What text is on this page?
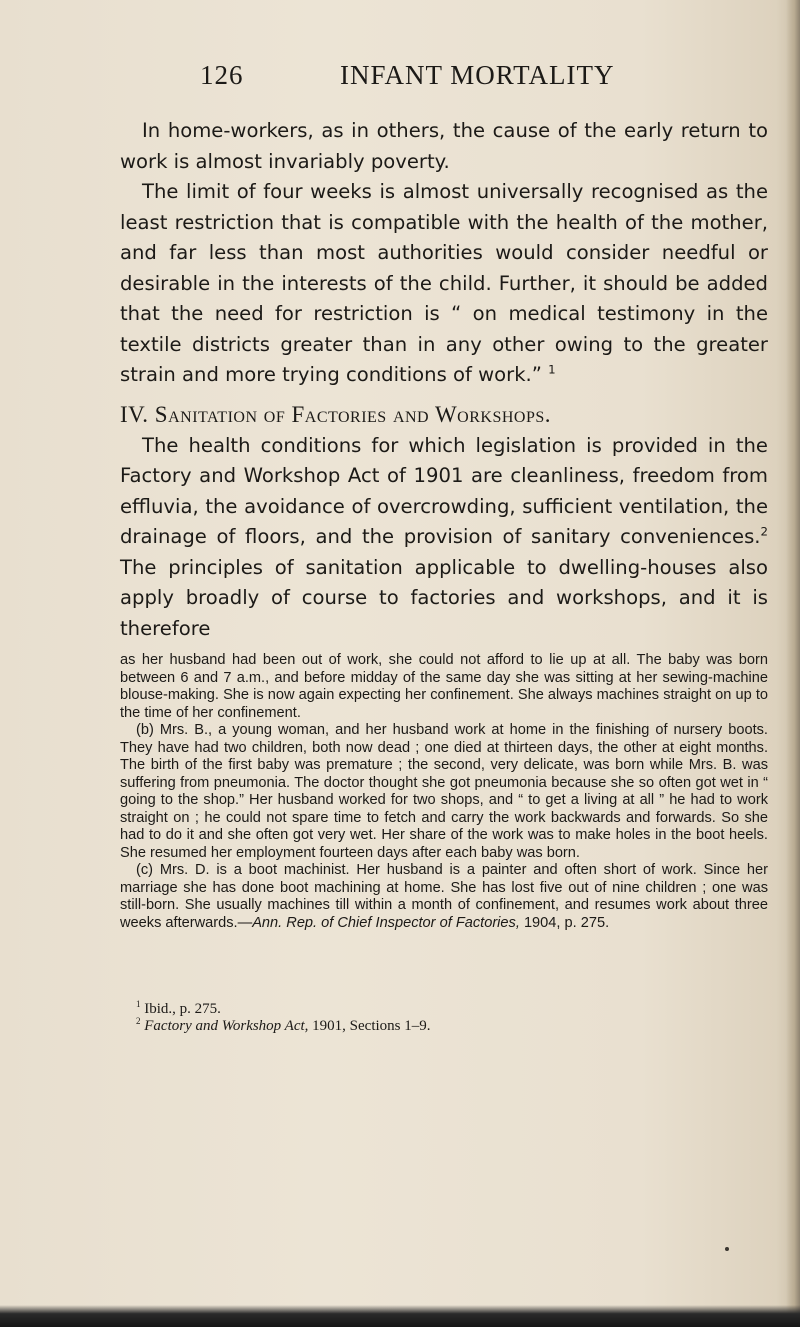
126	INFANT MORTALITY

In home-workers, as in others, the cause of the early return to work is almost invariably poverty.

The limit of four weeks is almost universally recognised as the least restriction that is compatible with the health of the mother, and far less than most authorities would consider needful or desirable in the interests of the child. Further, it should be added that the need for restriction is “ on medical testimony in the textile districts greater than in any other owing to the greater strain and more trying conditions of work.” $^1$

IV. Sanitation of Factories and Workshops.

The health conditions for which legislation is provided in the Factory and Workshop Act of 1901 are cleanliness, freedom from effluvia, the avoidance of overcrowding, sufficient ventilation, the drainage of floors, and the provision of sanitary conveniences.$^2$ The principles of sanitation applicable to dwelling-houses also apply broadly of course to factories and workshops, and it is therefore

as her husband had been out of work, she could not afford to lie up at all. The baby was born between 6 and 7 a.m., and before midday of the same day she was sitting at her sewing-machine blouse-making. She is now again expecting her confinement. She always machines straight on up to the time of her confinement.

(b) Mrs. B., a young woman, and her husband work at home in the finishing of nursery boots. They have had two children, both now dead ; one died at thirteen days, the other at eight months. The birth of the first baby was premature ; the second, very delicate, was born while Mrs. B. was suffering from pneumonia. The doctor thought she got pneumonia because she so often got wet in “ going to the shop.” Her husband worked for two shops, and “ to get a living at all ” he had to work straight on ; he could not spare time to fetch and carry the work backwards and forwards. So she had to do it and she often got very wet. Her share of the work was to make holes in the boot heels. She resumed her employment fourteen days after each baby was born.

(c) Mrs. D. is a boot machinist. Her husband is a painter and often short of work. Since her marriage she has done boot machining at home. She has lost five out of nine children ; one was still-born. She usually machines till within a month of confinement, and resumes work about three weeks afterwards.—Ann. Rep. of Chief Inspector of Factories, 1904, p. 275.

$^1$ Ibid., p. 275.
$^2$ Factory and Workshop Act, 1901, Sections 1–9.
